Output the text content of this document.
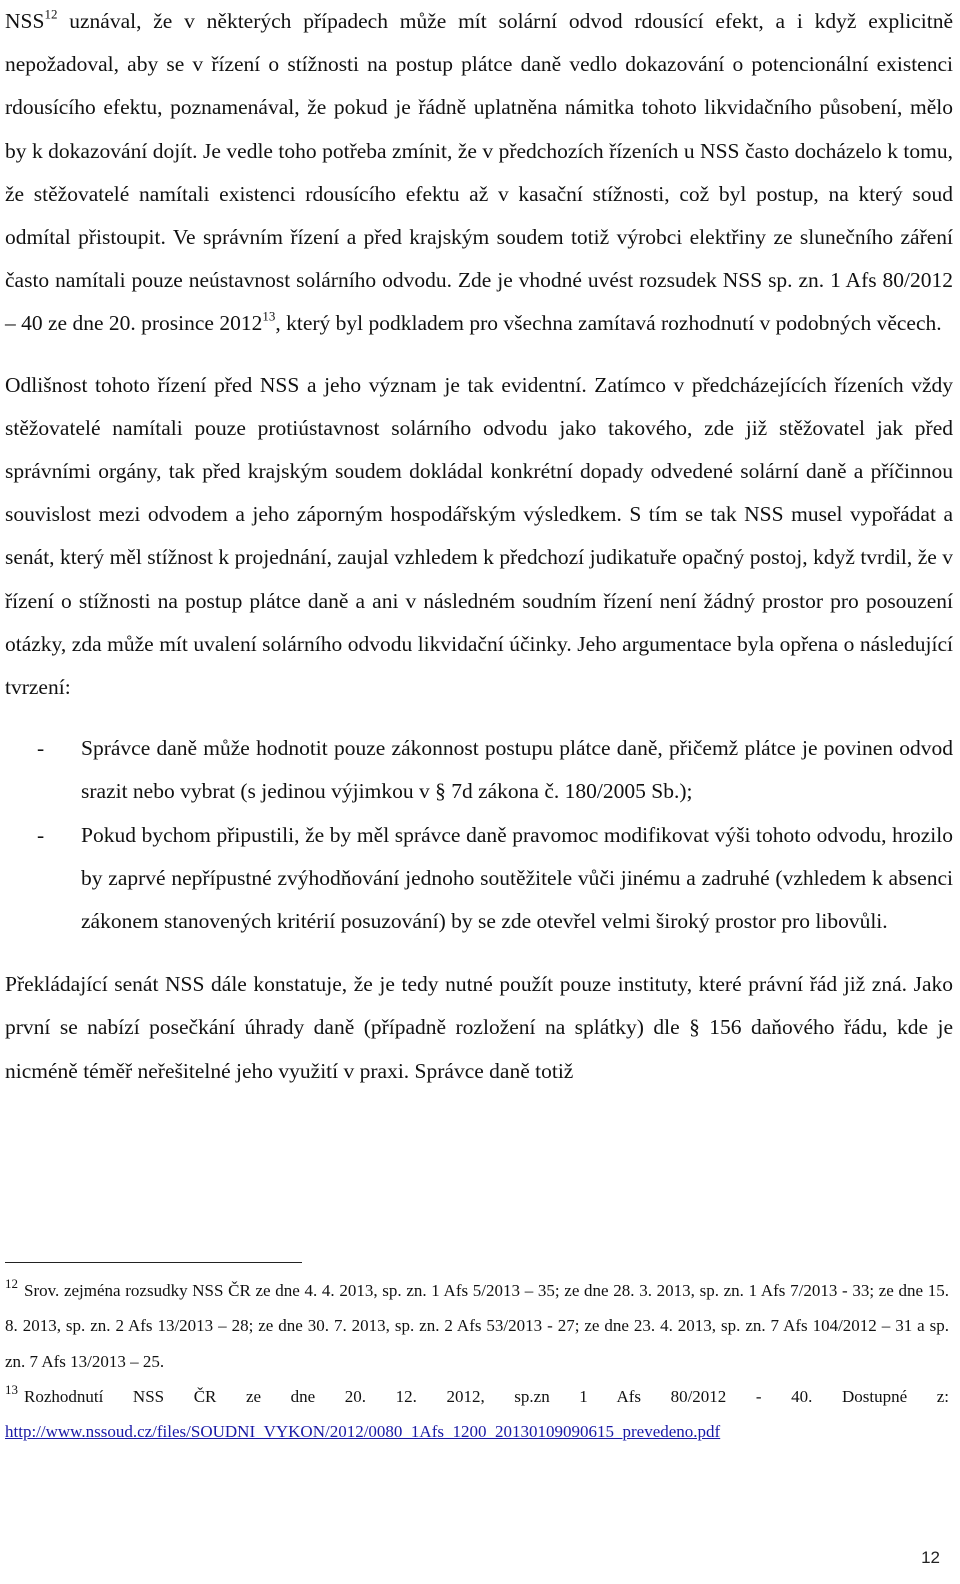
NSS$^{12}$ uznával, že v některých případech může mít solární odvod rdousící efekt, a i když explicitně nepožadoval, aby se v řízení o stížnosti na postup plátce daně vedlo dokazování o potencionální existenci rdousícího efektu, poznamenával, že pokud je řádně uplatněna námitka tohoto likvidačního působení, mělo by k dokazování dojít. Je vedle toho potřeba zmínit, že v předchozích řízeních u NSS často docházelo k tomu, že stěžovatelé namítali existenci rdousícího efektu až v kasační stížnosti, což byl postup, na který soud odmítal přistoupit. Ve správním řízení a před krajským soudem totiž výrobci elektřiny ze slunečního záření často namítali pouze neústavnost solárního odvodu. Zde je vhodné uvést rozsudek NSS sp. zn. 1 Afs 80/2012 – 40 ze dne 20. prosince 2012$^{13}$, který byl podkladem pro všechna zamítavá rozhodnutí v podobných věcech.

Odlišnost tohoto řízení před NSS a jeho význam je tak evidentní. Zatímco v předcházejících řízeních vždy stěžovatelé namítali pouze protiústavnost solárního odvodu jako takového, zde již stěžovatel jak před správními orgány, tak před krajským soudem dokládal konkrétní dopady odvedené solární daně a příčinnou souvislost mezi odvodem a jeho záporným hospodářským výsledkem. S tím se tak NSS musel vypořádat a senát, který měl stížnost k projednání, zaujal vzhledem k předchozí judikatuře opačný postoj, když tvrdil, že v řízení o stížnosti na postup plátce daně a ani v následném soudním řízení není žádný prostor pro posouzení otázky, zda může mít uvalení solárního odvodu likvidační účinky. Jeho argumentace byla opřena o následující tvrzení:

- Správce daně může hodnotit pouze zákonnost postupu plátce daně, přičemž plátce je povinen odvod srazit nebo vybrat (s jedinou výjimkou v § 7d zákona č. 180/2005 Sb.);
- Pokud bychom připustili, že by měl správce daně pravomoc modifikovat výši tohoto odvodu, hrozilo by zaprvé nepřípustné zvýhodňování jednoho soutěžitele vůči jinému a zadruhé (vzhledem k absenci zákonem stanovených kritérií posuzování) by se zde otevřel velmi široký prostor pro libovůli.

Překládající senát NSS dále konstatuje, že je tedy nutné použít pouze instituty, které právní řád již zná. Jako první se nabízí posečkání úhrady daně (případně rozložení na splátky) dle § 156 daňového řádu, kde je nicméně téměř neřešitelné jeho využití v praxi. Správce daně totiž

$^{12}$ Srov. zejména rozsudky NSS ČR ze dne 4. 4. 2013, sp. zn. 1 Afs 5/2013 – 35; ze dne 28. 3. 2013, sp. zn. 1 Afs 7/2013 - 33; ze dne 15. 8. 2013, sp. zn. 2 Afs 13/2013 – 28; ze dne 30. 7. 2013, sp. zn. 2 Afs 53/2013 - 27; ze dne 23. 4. 2013, sp. zn. 7 Afs 104/2012 – 31 a sp. zn. 7 Afs 13/2013 – 25.

$^{13}$ Rozhodnutí NSS ČR ze dne 20. 12. 2012, sp.zn 1 Afs 80/2012 - 40. Dostupné z: http://www.nssoud.cz/files/SOUDNI_VYKON/2012/0080_1Afs_1200_20130109090615_prevedeno.pdf

12
